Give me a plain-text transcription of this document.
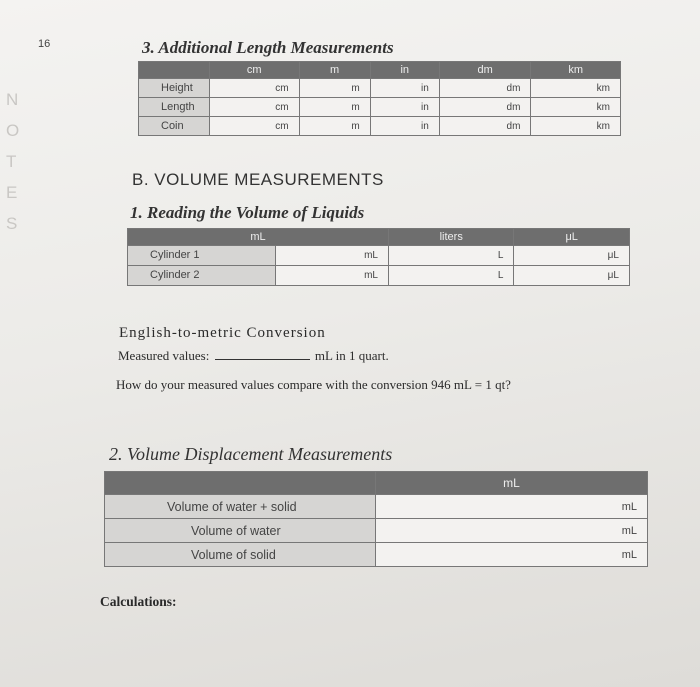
16
N
O
T
E
S
3. Additional Length Measurements
	cm	m	in	dm	km
Height	cm	m	in	dm	km
Length	cm	m	in	dm	km
Coin	cm	m	in	dm	km
B. VOLUME MEASUREMENTS
1. Reading the Volume of Liquids
mL	liters	μL

Cylinder 1 mL	L	μL

Cylinder 2 mL	L	μL
English-to-metric Conversion
Measured values:	mL in 1 quart.
How do your measured values compare with the conversion 946 mL = 1 qt?
2. Volume Displacement Measurements
	mL
Volume of water + solid	mL
Volume of water	mL
Volume of solid	mL
Calculations:
